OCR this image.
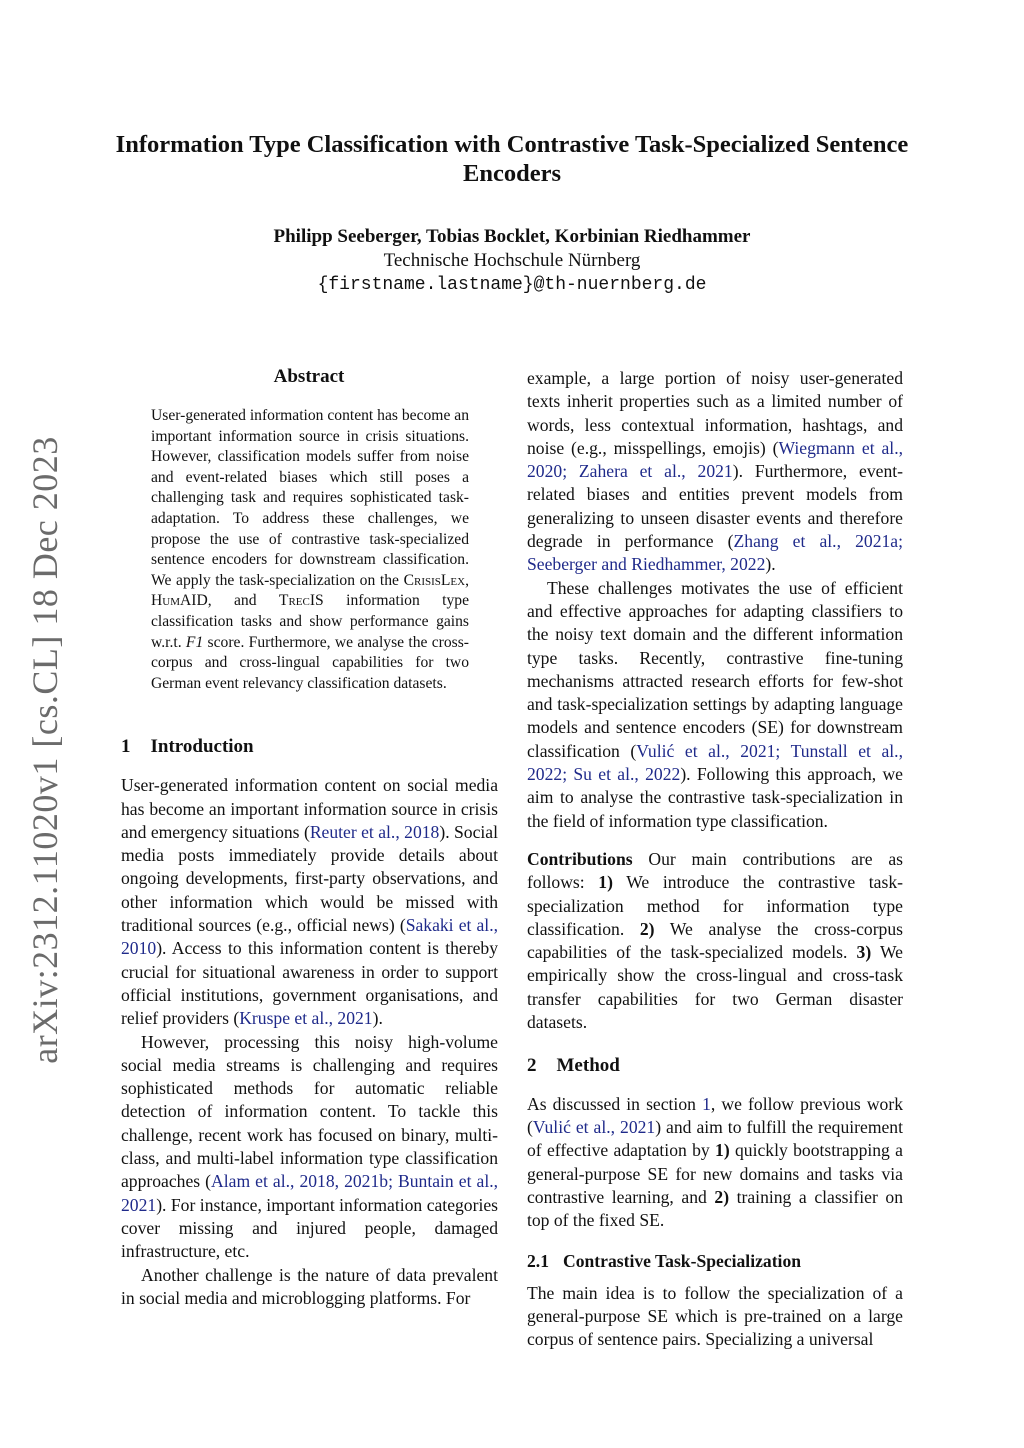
arXiv:2312.11020v1 [cs.CL] 18 Dec 2023
Information Type Classification with Contrastive Task-Specialized Sentence Encoders
Philipp Seeberger, Tobias Bocklet, Korbinian Riedhammer
Technische Hochschule Nürnberg
{firstname.lastname}@th-nuernberg.de
Abstract
User-generated information content has become an important information source in crisis situations. However, classification models suffer from noise and event-related biases which still poses a challenging task and requires sophisticated task-adaptation. To address these challenges, we propose the use of contrastive task-specialized sentence encoders for downstream classification. We apply the task-specialization on the CrisisLex, HumAID, and TrecIS information type classification tasks and show performance gains w.r.t. F1 score. Furthermore, we analyse the cross-corpus and cross-lingual capabilities for two German event relevancy classification datasets.
1 Introduction

User-generated information content on social media has become an important information source in crisis and emergency situations (Reuter et al., 2018). Social media posts immediately provide details about ongoing developments, first-party observations, and other information which would be missed with traditional sources (e.g., official news) (Sakaki et al., 2010). Access to this information content is thereby crucial for situational awareness in order to support official institutions, government organisations, and relief providers (Kruspe et al., 2021).

However, processing this noisy high-volume social media streams is challenging and requires sophisticated methods for automatic reliable detection of information content. To tackle this challenge, recent work has focused on binary, multi-class, and multi-label information type classification approaches (Alam et al., 2018, 2021b; Buntain et al., 2021). For instance, important information categories cover missing and injured people, damaged infrastructure, etc.

Another challenge is the nature of data prevalent in social media and microblogging platforms. For

example, a large portion of noisy user-generated texts inherit properties such as a limited number of words, less contextual information, hashtags, and noise (e.g., misspellings, emojis) (Wiegmann et al., 2020; Zahera et al., 2021). Furthermore, event-related biases and entities prevent models from generalizing to unseen disaster events and therefore degrade in performance (Zhang et al., 2021a; Seeberger and Riedhammer, 2022).

These challenges motivates the use of efficient and effective approaches for adapting classifiers to the noisy text domain and the different information type tasks. Recently, contrastive fine-tuning mechanisms attracted research efforts for few-shot and task-specialization settings by adapting language models and sentence encoders (SE) for downstream classification (Vulić et al., 2021; Tunstall et al., 2022; Su et al., 2022). Following this approach, we aim to analyse the contrastive task-specialization in the field of information type classification.

Contributions Our main contributions are as follows: 1) We introduce the contrastive task-specialization method for information type classification. 2) We analyse the cross-corpus capabilities of the task-specialized models. 3) We empirically show the cross-lingual and cross-task transfer capabilities for two German disaster datasets.

2 Method

As discussed in section 1, we follow previous work (Vulić et al., 2021) and aim to fulfill the requirement of effective adaptation by 1) quickly bootstrapping a general-purpose SE for new domains and tasks via contrastive learning, and 2) training a classifier on top of the fixed SE.

2.1 Contrastive Task-Specialization

The main idea is to follow the specialization of a general-purpose SE which is pre-trained on a large corpus of sentence pairs. Specializing a universal
